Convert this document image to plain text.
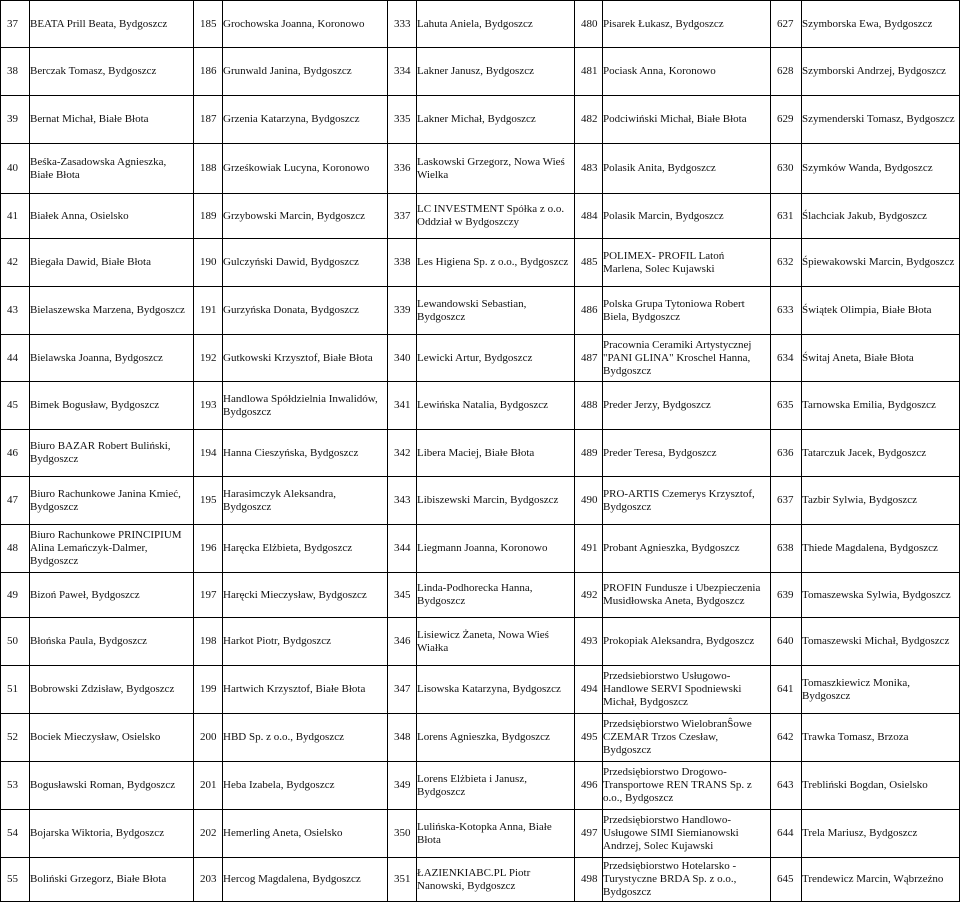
37	BEATA Prill Beata, Bydgoszcz	185	Grochowska Joanna, Koronowo	333	Lahuta Aniela, Bydgoszcz	480	Pisarek Łukasz, Bydgoszcz	627	Szymborska Ewa, Bydgoszcz
38	Berczak Tomasz, Bydgoszcz	186	Grunwald Janina, Bydgoszcz	334	Lakner Janusz, Bydgoszcz	481	Pociask Anna, Koronowo	628	Szymborski Andrzej, Bydgoszcz
39	Bernat Michał, Białe Błota	187	Grzenia Katarzyna, Bydgoszcz	335	Lakner Michał, Bydgoszcz	482	Podciwiński Michał, Białe Błota	629	Szymenderski Tomasz, Bydgoszcz
40	Beśka-Zasadowska Agnieszka, Białe Błota	188	Grześkowiak Lucyna, Koronowo	336	Laskowski Grzegorz, Nowa Wieś Wielka	483	Polasik Anita, Bydgoszcz	630	Szymków Wanda, Bydgoszcz
41	Białek Anna, Osielsko	189	Grzybowski Marcin, Bydgoszcz	337	LC INVESTMENT Spółka z o.o. Oddział w Bydgoszczy	484	Polasik Marcin, Bydgoszcz	631	Ślachciak Jakub, Bydgoszcz
42	Biegała Dawid, Białe Błota	190	Gulczyński Dawid, Bydgoszcz	338	Les Higiena Sp. z o.o., Bydgoszcz	485	POLIMEX- PROFIL Latoń Marlena, Solec Kujawski	632	Śpiewakowski Marcin, Bydgoszcz
43	Bielaszewska Marzena, Bydgoszcz	191	Gurzyńska Donata, Bydgoszcz	339	Lewandowski Sebastian, Bydgoszcz	486	Polska Grupa Tytoniowa Robert Biela, Bydgoszcz	633	Świątek Olimpia, Białe Błota
44	Bielawska Joanna, Bydgoszcz	192	Gutkowski Krzysztof, Białe Błota	340	Lewicki Artur, Bydgoszcz	487	Pracownia Ceramiki Artystycznej "PANI GLINA" Kroschel Hanna, Bydgoszcz	634	Świtaj Aneta, Białe Błota
45	Bimek Bogusław, Bydgoszcz	193	Handlowa Spółdzielnia Inwalidów, Bydgoszcz	341	Lewińska Natalia, Bydgoszcz	488	Preder Jerzy, Bydgoszcz	635	Tarnowska Emilia, Bydgoszcz
46	Biuro BAZAR Robert Buliński, Bydgoszcz	194	Hanna Cieszyńska, Bydgoszcz	342	Libera Maciej, Białe Błota	489	Preder Teresa, Bydgoszcz	636	Tatarczuk Jacek, Bydgoszcz
47	Biuro Rachunkowe Janina Kmieć, Bydgoszcz	195	Harasimczyk Aleksandra, Bydgoszcz	343	Libiszewski Marcin, Bydgoszcz	490	PRO-ARTIS Czemerys Krzysztof, Bydgoszcz	637	Tazbir Sylwia, Bydgoszcz
48	Biuro Rachunkowe PRINCIPIUM Alina Lemańczyk-Dalmer, Bydgoszcz	196	Haręcka Elżbieta, Bydgoszcz	344	Liegmann Joanna, Koronowo	491	Probant Agnieszka, Bydgoszcz	638	Thiede Magdalena, Bydgoszcz
49	Bizoń Paweł, Bydgoszcz	197	Haręcki Mieczysław, Bydgoszcz	345	Linda-Podhorecka Hanna, Bydgoszcz	492	PROFIN Fundusze i Ubezpieczenia Musidłowska Aneta, Bydgoszcz	639	Tomaszewska Sylwia, Bydgoszcz
50	Błońska Paula, Bydgoszcz	198	Harkot Piotr, Bydgoszcz	346	Lisiewicz Żaneta, Nowa Wieś Wiałka	493	Prokopiak Aleksandra, Bydgoszcz	640	Tomaszewski Michał, Bydgoszcz
51	Bobrowski Zdzisław, Bydgoszcz	199	Hartwich Krzysztof, Białe Błota	347	Lisowska Katarzyna, Bydgoszcz	494	Przedsiebiorstwo Usługowo-Handlowe SERVI Spodniewski Michał, Bydgoszcz	641	Tomaszkiewicz Monika, Bydgoszcz
52	Bociek Mieczysław, Osielsko	200	HBD Sp. z o.o., Bydgoszcz	348	Lorens Agnieszka, Bydgoszcz	495	Przedsiębiorstwo WielobranŜowe CZEMAR Trzos Czesław, Bydgoszcz	642	Trawka Tomasz, Brzoza
53	Bogusławski Roman, Bydgoszcz	201	Heba Izabela, Bydgoszcz	349	Lorens Elżbieta i Janusz, Bydgoszcz	496	Przedsiębiorstwo Drogowo-Transportowe REN TRANS Sp. z o.o., Bydgoszcz	643	Trebliński Bogdan, Osielsko
54	Bojarska Wiktoria, Bydgoszcz	202	Hemerling Aneta, Osielsko	350	Lulińska-Kotopka Anna, Białe Błota	497	Przedsiębiorstwo Handlowo-Usługowe SIMI Siemianowski Andrzej, Solec Kujawski	644	Trela Mariusz, Bydgoszcz
55	Boliński Grzegorz, Białe Błota	203	Hercog Magdalena, Bydgoszcz	351	ŁAZIENKIABC.PL Piotr Nanowski, Bydgoszcz	498	Przedsiębiorstwo Hotelarsko - Turystyczne BRDA Sp. z o.o., Bydgoszcz	645	Trendewicz Marcin, Wąbrzeźno
